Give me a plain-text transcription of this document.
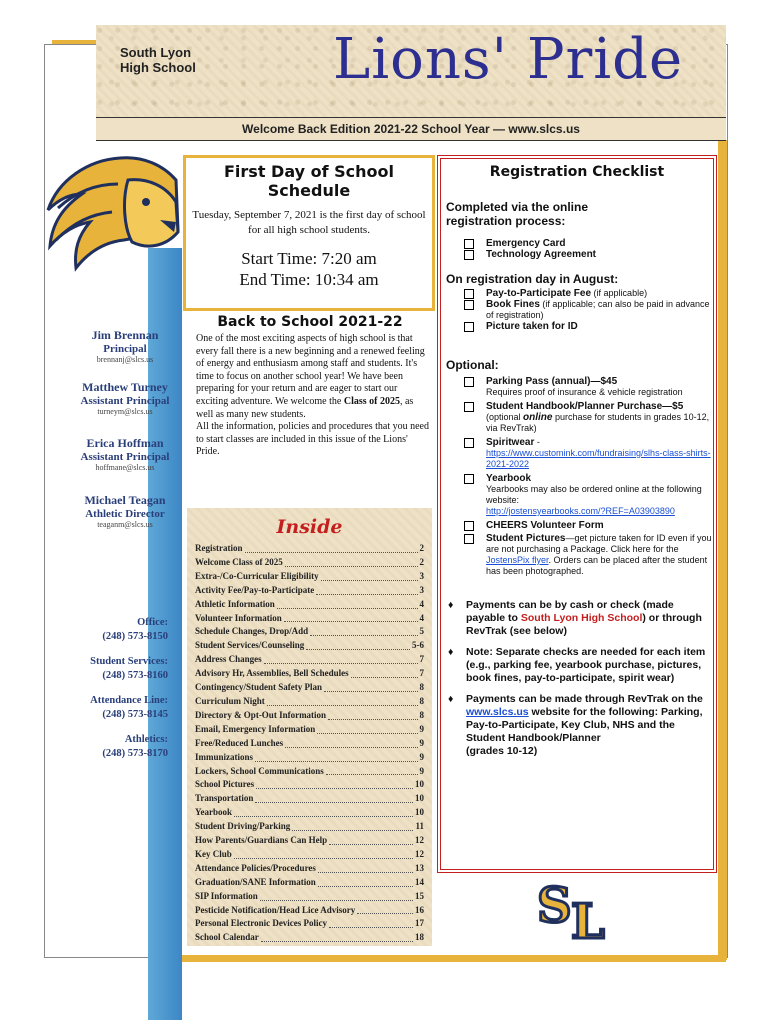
South Lyon
High School Lions' Pride
Welcome Back Edition 2021-22 School Year — www.slcs.us
Jim Brennan
Principal
brennanj@slcs.us
Matthew Turney
Assistant Principal
turneym@slcs.us
Erica Hoffman
Assistant Principal
hoffmane@slcs.us
Michael Teagan
Athletic Director
teaganm@slcs.us
Office:
(248) 573-8150
Student Services:
(248) 573-8160
Attendance Line:
(248) 573-8145
Athletics:
(248) 573-8170
First Day of School
Schedule
Tuesday, September 7, 2021 is the first day of school for all high school students.
Start Time: 7:20 am
End Time: 10:34 am
Back to School 2021-22
One of the most exciting aspects of high school is that every fall there is a new beginning and a renewed feeling of energy and enthusiasm among staff and students. It's time to focus on another school year! We have been preparing for your return and are eager to start our exciting adventure. We welcome the Class of 2025, as well as many new students.
All the information, policies and procedures that you need to start classes are included in this issue of the Lions' Pride.
Inside
Registration	2
Welcome Class of 2025	2
Extra-/Co-Curricular Eligibility	3
Activity Fee/Pay-to-Participate	3
Athletic Information	4
Volunteer Information	4
Schedule Changes, Drop/Add	5
Student Services/Counseling	5-6
Address Changes	7
Advisory Hr, Assemblies, Bell Schedules	7
Contingency/Student Safety Plan	8
Curriculum Night	8
Directory & Opt-Out Information	8
Email, Emergency Information	9
Free/Reduced Lunches	9
Immunizations	9
Lockers, School Communications	9
School Pictures	10
Transportation	10
Yearbook	10
Student Driving/Parking	11
How Parents/Guardians Can Help	12
Key Club	12
Attendance Policies/Procedures	13
Graduation/SANE Information	14
SIP Information	15
Pesticide Notification/Head Lice Advisory	16
Personal Electronic Devices Policy	17
School Calendar	18
Registration Checklist
Completed via the online
registration process:
Emergency Card
Technology Agreement
On registration day in August:
Pay-to-Participate Fee (if applicable)
Book Fines (if applicable; can also be paid in advance of registration)
Picture taken for ID
Optional:
Parking Pass (annual)—$45
Requires proof of insurance & vehicle registration
Student Handbook/Planner Purchase—$5 (optional online purchase for students in grades 10-12, via RevTrak)
Spiritwear - https://www.customink.com/fundraising/slhs-class-shirts-2021-2022
Yearbook
Yearbooks may also be ordered online at the following website:
http://jostensyearbooks.com/?REF=A03903890
CHEERS Volunteer Form
Student Pictures—get picture taken for ID even if you are not purchasing a Package. Click here for the JostensPix flyer. Orders can be placed after the student has been photographed.
♦	Payments can be by cash or check (made payable to South Lyon High School) or through RevTrak (see below)
♦	Note: Separate checks are needed for each item (e.g., parking fee, yearbook purchase, pictures, book fines, pay-to-participate, spirit wear)
♦	Payments can be made through RevTrak on the www.slcs.us website for the following: Parking, Pay-to-Participate, Key Club, NHS and the Student Handbook/Planner
(grades 10-12)
S L
